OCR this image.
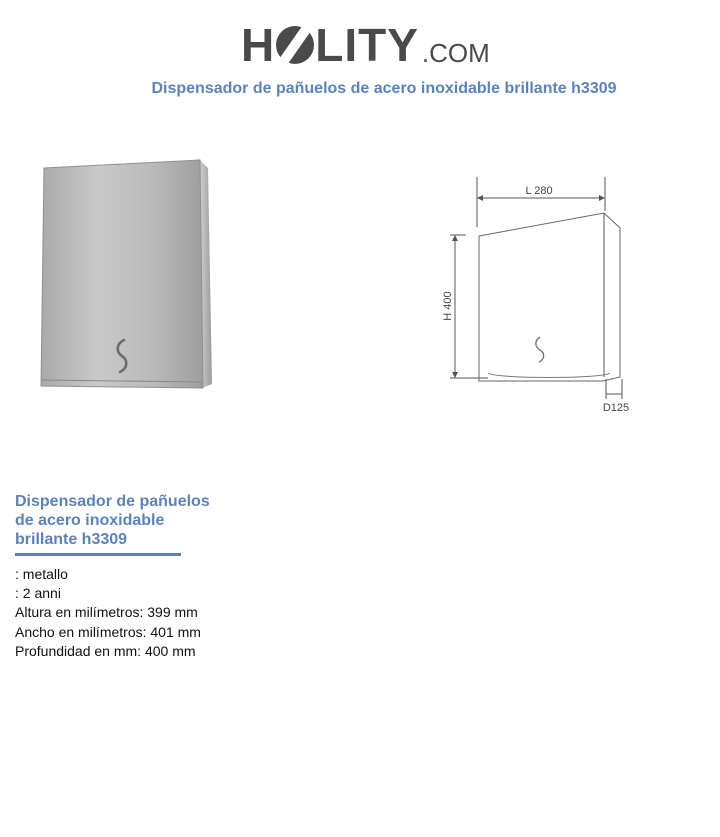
H LITY .COM
Dispensador de pañuelos de acero inoxidable brillante h3309
L 280
H 400
D125
Dispensador de pañuelos de acero inoxidable brillante h3309
: metallo
: 2 anni
Altura en milímetros: 399 mm
Ancho en milímetros: 401 mm
Profundidad en mm: 400 mm
